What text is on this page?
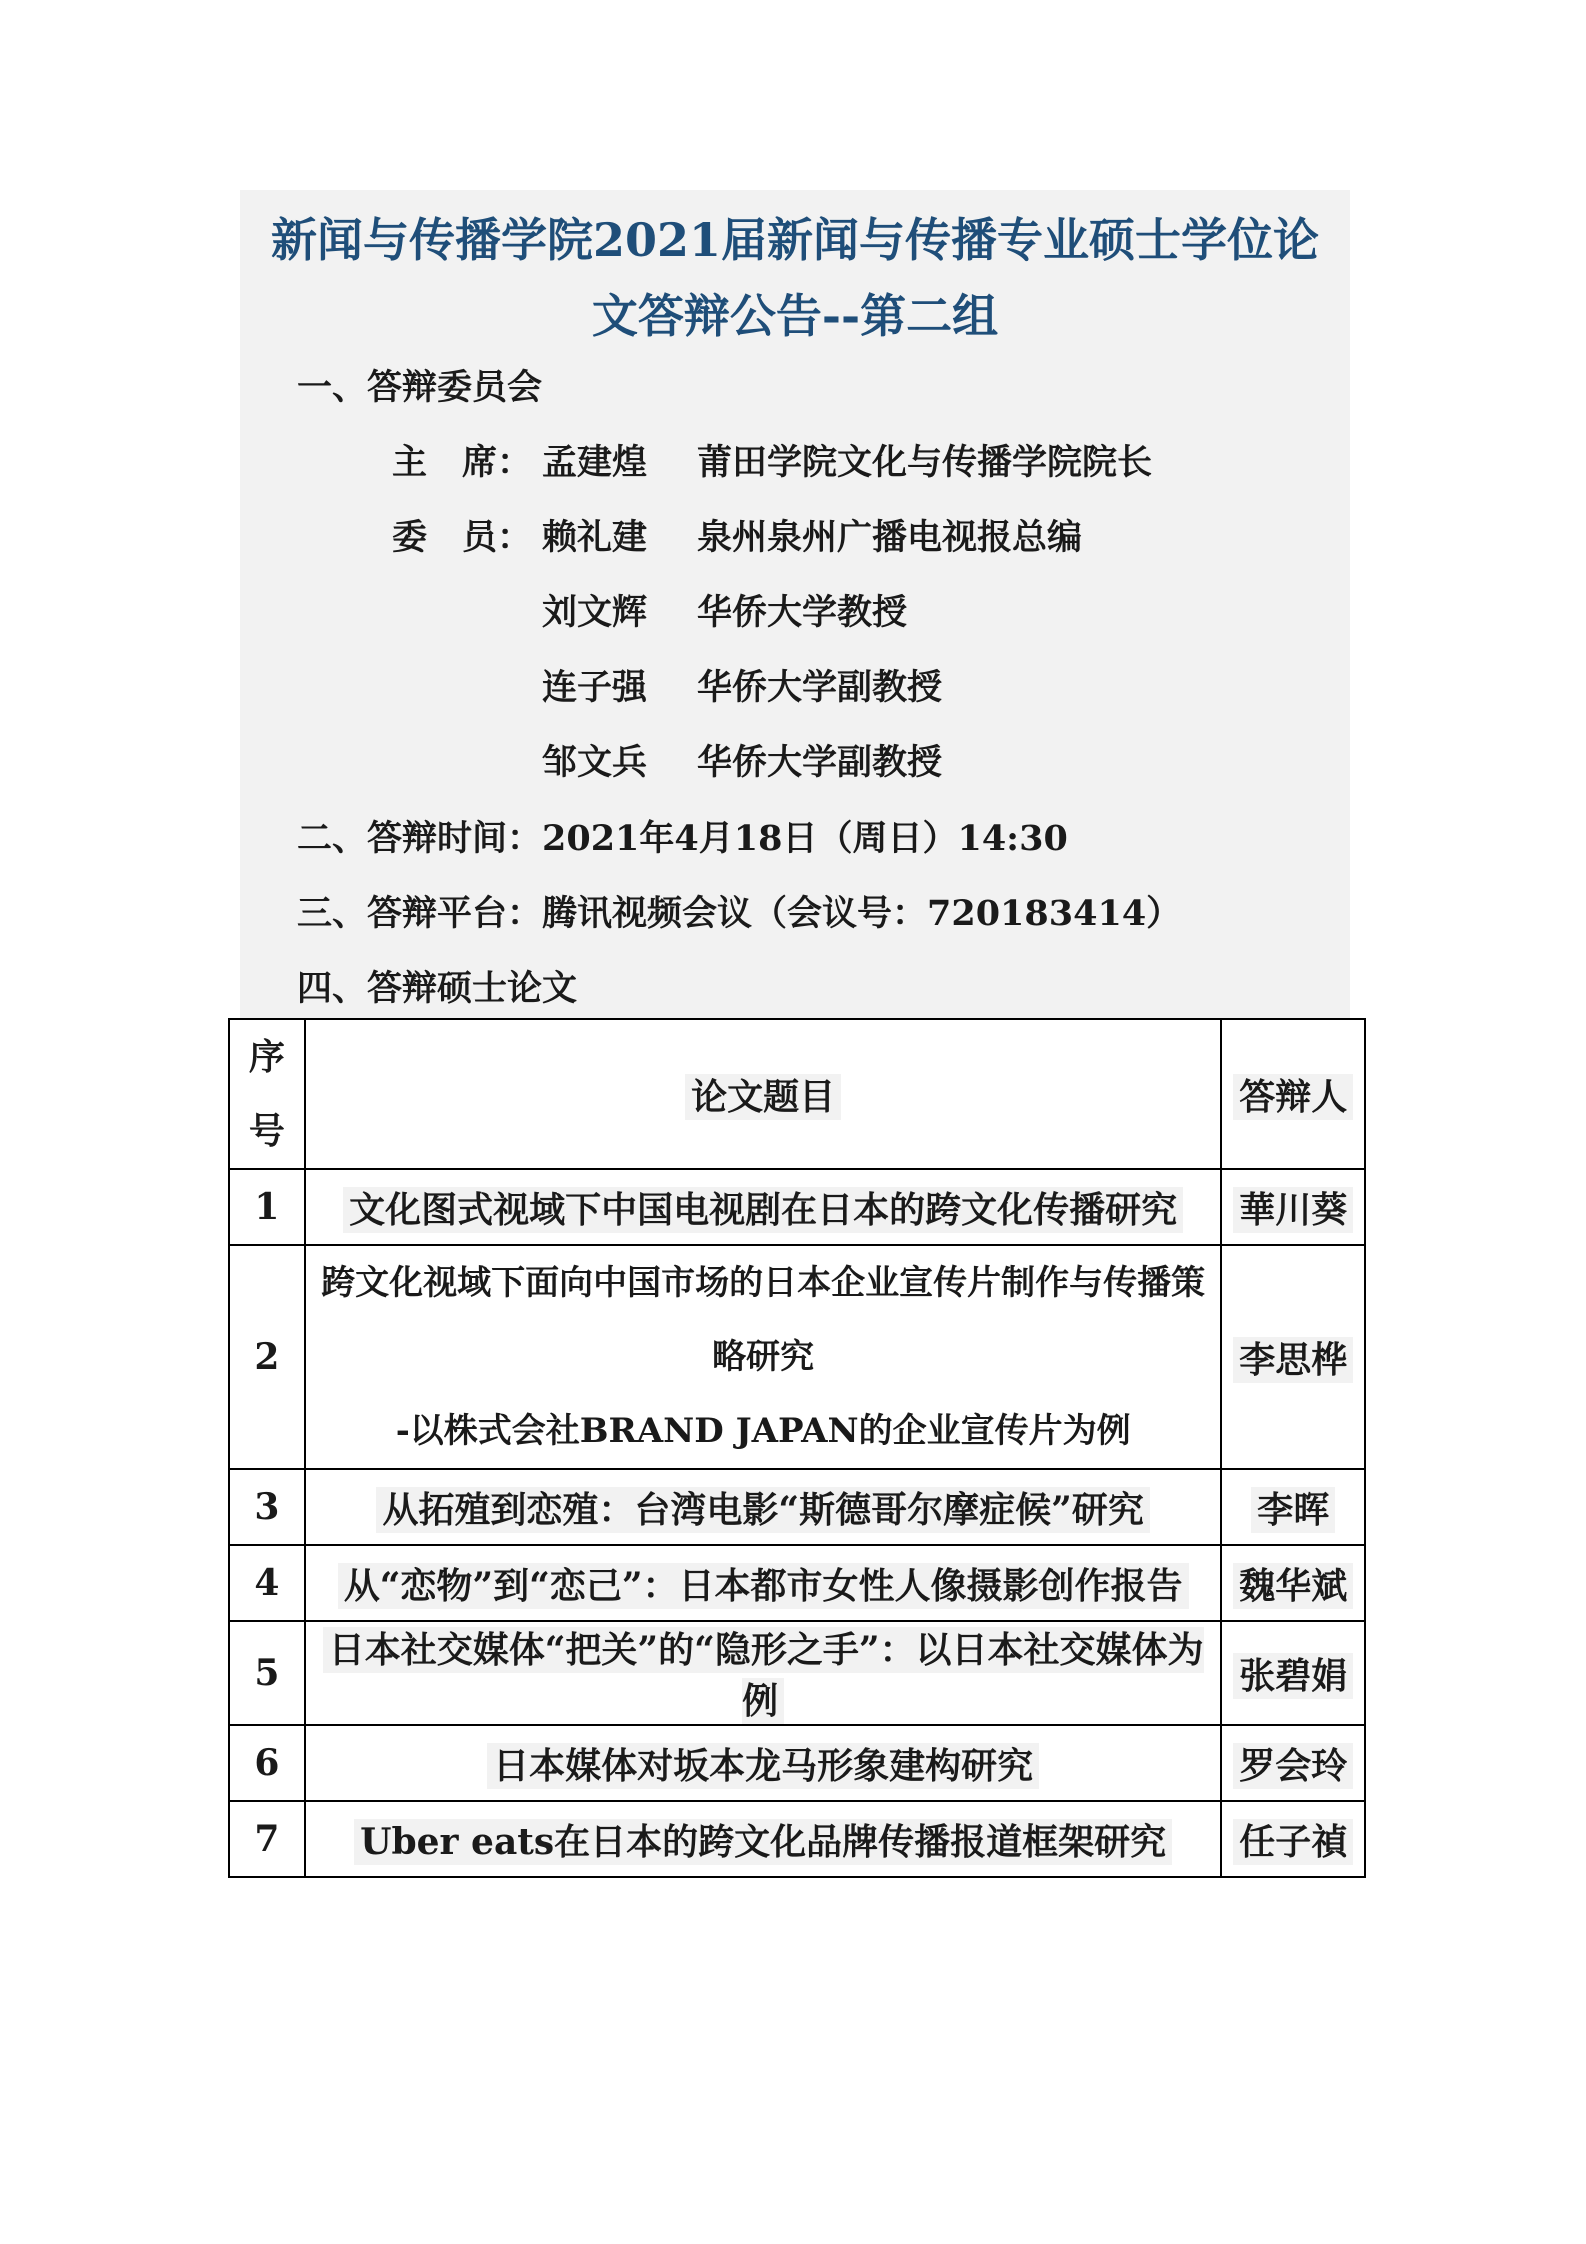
新闻与传播学院2021届新闻与传播专业硕士学位论
文答辩公告--第二组
一、答辩委员会
主　席： 孟建煌 莆田学院文化与传播学院院长
委　员： 赖礼建 泉州泉州广播电视报总编
刘文辉 华侨大学教授
连子强 华侨大学副教授
邹文兵 华侨大学副教授
二、答辩时间：2021年4月18日（周日）14:30
三、答辩平台：腾讯视频会议（会议号：720183414）
四、答辩硕士论文
序号	论文题目	答辩人
1	文化图式视域下中国电视剧在日本的跨文化传播研究	華川葵
2	跨文化视域下面向中国市场的日本企业宣传片制作与传播策略研究
-以株式会社BRAND JAPAN的企业宣传片为例	李思桦
3	从拓殖到恋殖：台湾电影“斯德哥尔摩症候”研究	李晖
4	从“恋物”到“恋己”：日本都市女性人像摄影创作报告	魏华斌
5	日本社交媒体“把关”的“隐形之手”：以日本社交媒体为例	张碧娟
6	日本媒体对坂本龙马形象建构研究	罗会玲
7	Uber eats在日本的跨文化品牌传播报道框架研究	任子禎
